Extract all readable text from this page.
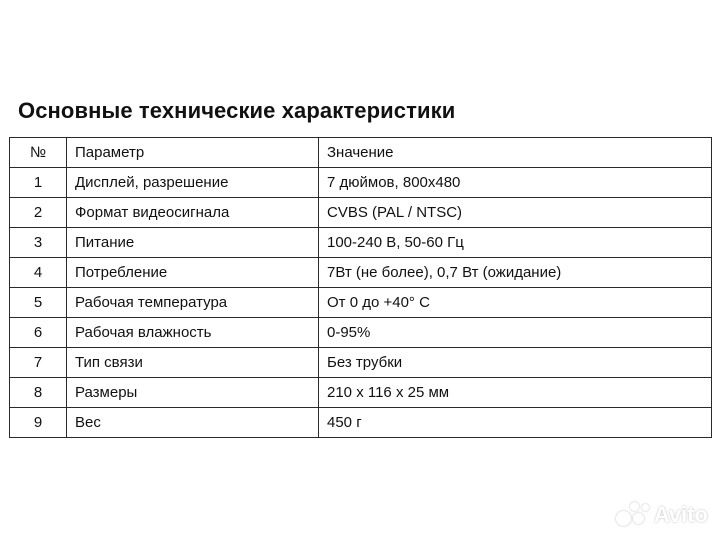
Основные технические характеристики
№	Параметр	Значение
1	Дисплей, разрешение	7 дюймов, 800x480
2	Формат видеосигнала	CVBS (PAL / NTSC)
3	Питание	100-240 В, 50-60 Гц
4	Потребление	7Вт (не более), 0,7 Вт (ожидание)
5	Рабочая температура	От 0 до +40° С
6	Рабочая влажность	0-95%
7	Тип связи	Без трубки
8	Размеры	210 х 116 х 25 мм
9	Вес	450 г
Avito
